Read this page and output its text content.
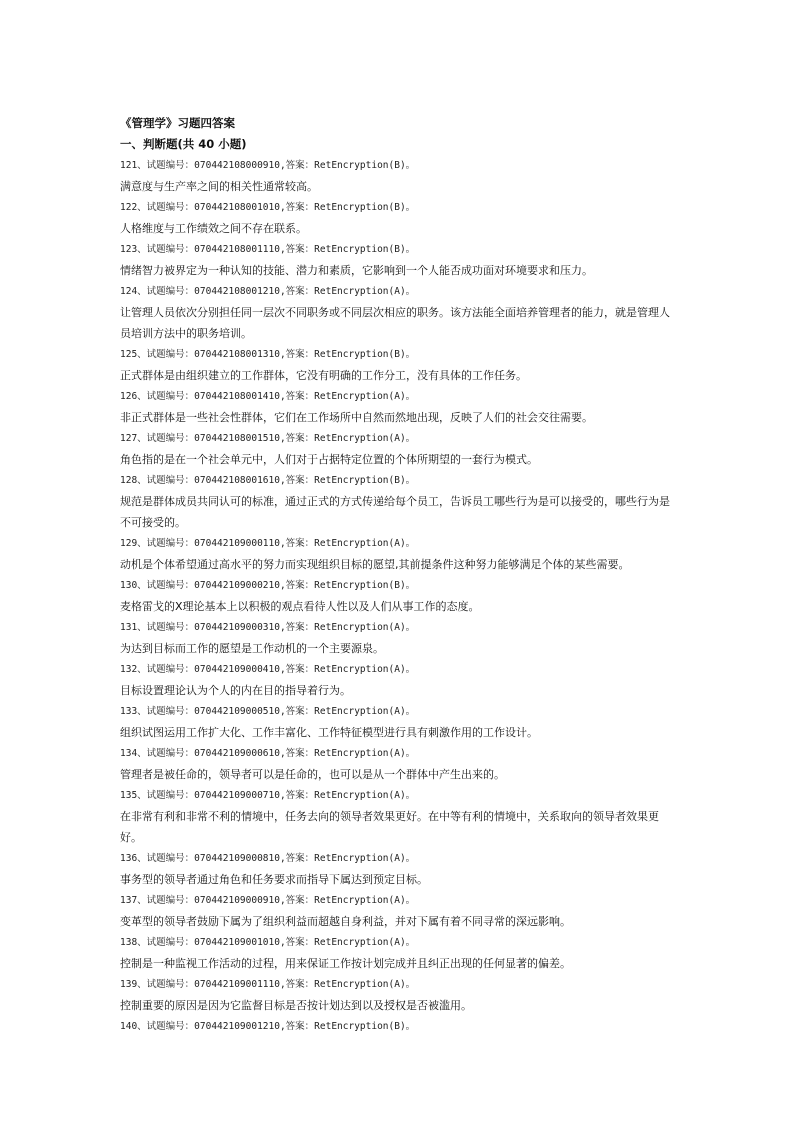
《管理学》习题四答案
一、判断题(共 40 小题)
121、试题编号：070442108000910,答案：RetEncryption(B)。
满意度与生产率之间的相关性通常较高。
122、试题编号：070442108001010,答案：RetEncryption(B)。
人格维度与工作绩效之间不存在联系。
123、试题编号：070442108001110,答案：RetEncryption(B)。
情绪智力被界定为一种认知的技能、潜力和素质，它影响到一个人能否成功面对环境要求和压力。
124、试题编号：070442108001210,答案：RetEncryption(A)。
让管理人员依次分别担任同一层次不同职务或不同层次相应的职务。该方法能全面培养管理者的能力，就是管理人员培训方法中的职务培训。
125、试题编号：070442108001310,答案：RetEncryption(B)。
正式群体是由组织建立的工作群体，它没有明确的工作分工，没有具体的工作任务。
126、试题编号：070442108001410,答案：RetEncryption(A)。
非正式群体是一些社会性群体，它们在工作场所中自然而然地出现，反映了人们的社会交往需要。
127、试题编号：070442108001510,答案：RetEncryption(A)。
角色指的是在一个社会单元中，人们对于占据特定位置的个体所期望的一套行为模式。
128、试题编号：070442108001610,答案：RetEncryption(B)。
规范是群体成员共同认可的标准，通过正式的方式传递给每个员工，告诉员工哪些行为是可以接受的，哪些行为是不可接受的。
129、试题编号：070442109000110,答案：RetEncryption(A)。
动机是个体希望通过高水平的努力而实现组织目标的愿望,其前提条件这种努力能够满足个体的某些需要。
130、试题编号：070442109000210,答案：RetEncryption(B)。
麦格雷戈的X理论基本上以积极的观点看待人性以及人们从事工作的态度。
131、试题编号：070442109000310,答案：RetEncryption(A)。
为达到目标而工作的愿望是工作动机的一个主要源泉。
132、试题编号：070442109000410,答案：RetEncryption(A)。
目标设置理论认为个人的内在目的指导着行为。
133、试题编号：070442109000510,答案：RetEncryption(A)。
组织试图运用工作扩大化、工作丰富化、工作特征模型进行具有刺激作用的工作设计。
134、试题编号：070442109000610,答案：RetEncryption(A)。
管理者是被任命的，领导者可以是任命的，也可以是从一个群体中产生出来的。
135、试题编号：070442109000710,答案：RetEncryption(A)。
在非常有利和非常不利的情境中，任务去向的领导者效果更好。在中等有利的情境中，关系取向的领导者效果更好。
136、试题编号：070442109000810,答案：RetEncryption(A)。
事务型的领导者通过角色和任务要求而指导下属达到预定目标。
137、试题编号：070442109000910,答案：RetEncryption(A)。
变革型的领导者鼓励下属为了组织利益而超越自身利益，并对下属有着不同寻常的深远影响。
138、试题编号：070442109001010,答案：RetEncryption(A)。
控制是一种监视工作活动的过程，用来保证工作按计划完成并且纠正出现的任何显著的偏差。
139、试题编号：070442109001110,答案：RetEncryption(A)。
控制重要的原因是因为它监督目标是否按计划达到以及授权是否被滥用。
140、试题编号：070442109001210,答案：RetEncryption(B)。
